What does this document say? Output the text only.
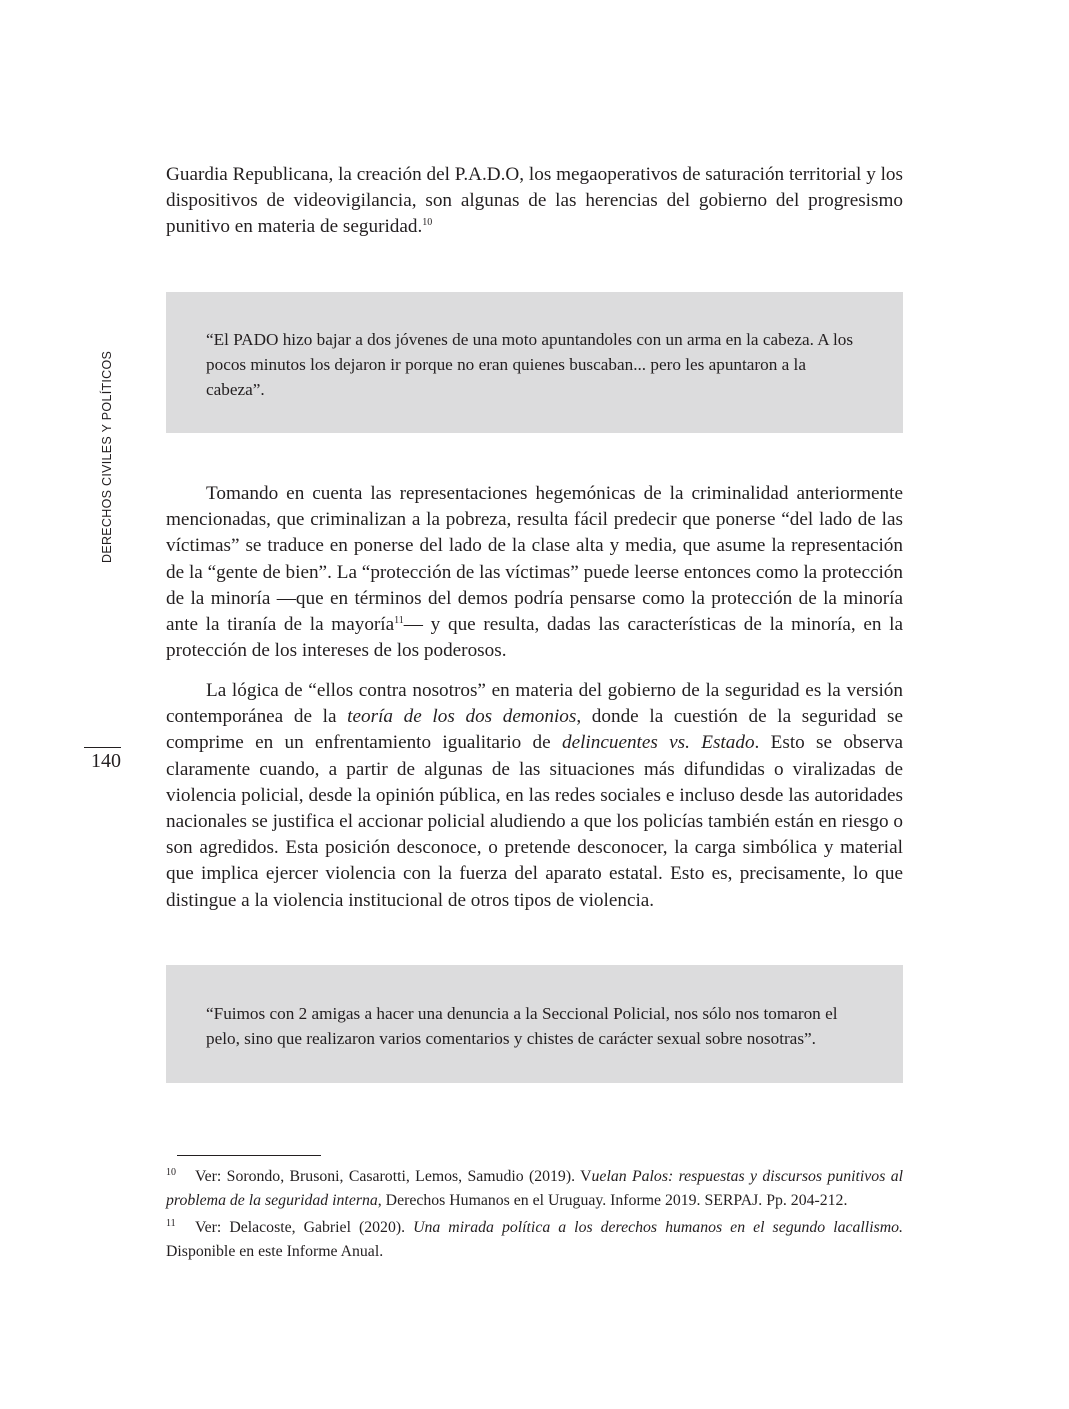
DERECHOS CIVILES Y POLÍTICOS
140

Guardia Republicana, la creación del P.A.D.O, los megaoperativos de saturación territorial y los dispositivos de videovigilancia, son algunas de las herencias del gobierno del progresismo punitivo en materia de seguridad.$^{10}$

“El PADO hizo bajar a dos jóvenes de una moto apuntandoles con un arma en la cabeza. A los pocos minutos los dejaron ir porque no eran quienes buscaban... pero les apuntaron a la cabeza”.

Tomando en cuenta las representaciones hegemónicas de la criminalidad anteriormente mencionadas, que criminalizan a la pobreza, resulta fácil predecir que ponerse “del lado de las víctimas” se traduce en ponerse del lado de la clase alta y media, que asume la representación de la “gente de bien”. La “protección de las víctimas” puede leerse entonces como la protección de la minoría —que en términos del demos podría pensarse como la protección de la minoría ante la tiranía de la mayoría$^{11}$— y que resulta, dadas las características de la minoría, en la protección de los intereses de los poderosos.

La lógica de “ellos contra nosotros” en materia del gobierno de la seguridad es la versión contemporánea de la teoría de los dos demonios, donde la cuestión de la seguridad se comprime en un enfrentamiento igualitario de delincuentes vs. Estado. Esto se observa claramente cuando, a partir de algunas de las situaciones más difundidas o viralizadas de violencia policial, desde la opinión pública, en las redes sociales e incluso desde las autoridades nacionales se justifica el accionar policial aludiendo a que los policías también están en riesgo o son agredidos. Esta posición desconoce, o pretende desconocer, la carga simbólica y material que implica ejercer violencia con la fuerza del aparato estatal. Esto es, precisamente, lo que distingue a la violencia institucional de otros tipos de violencia.

“Fuimos con 2 amigas a hacer una denuncia a la Seccional Policial, nos sólo nos tomaron el pelo, sino que realizaron varios comentarios y chistes de carácter sexual sobre nosotras”.

10 Ver: Sorondo, Brusoni, Casarotti, Lemos, Samudio (2019). Vuelan Palos: respuestas y discursos punitivos al problema de la seguridad interna, Derechos Humanos en el Uruguay. Informe 2019. SERPAJ. Pp. 204-212.

11 Ver: Delacoste, Gabriel (2020). Una mirada política a los derechos humanos en el segundo lacallismo. Disponible en este Informe Anual.
